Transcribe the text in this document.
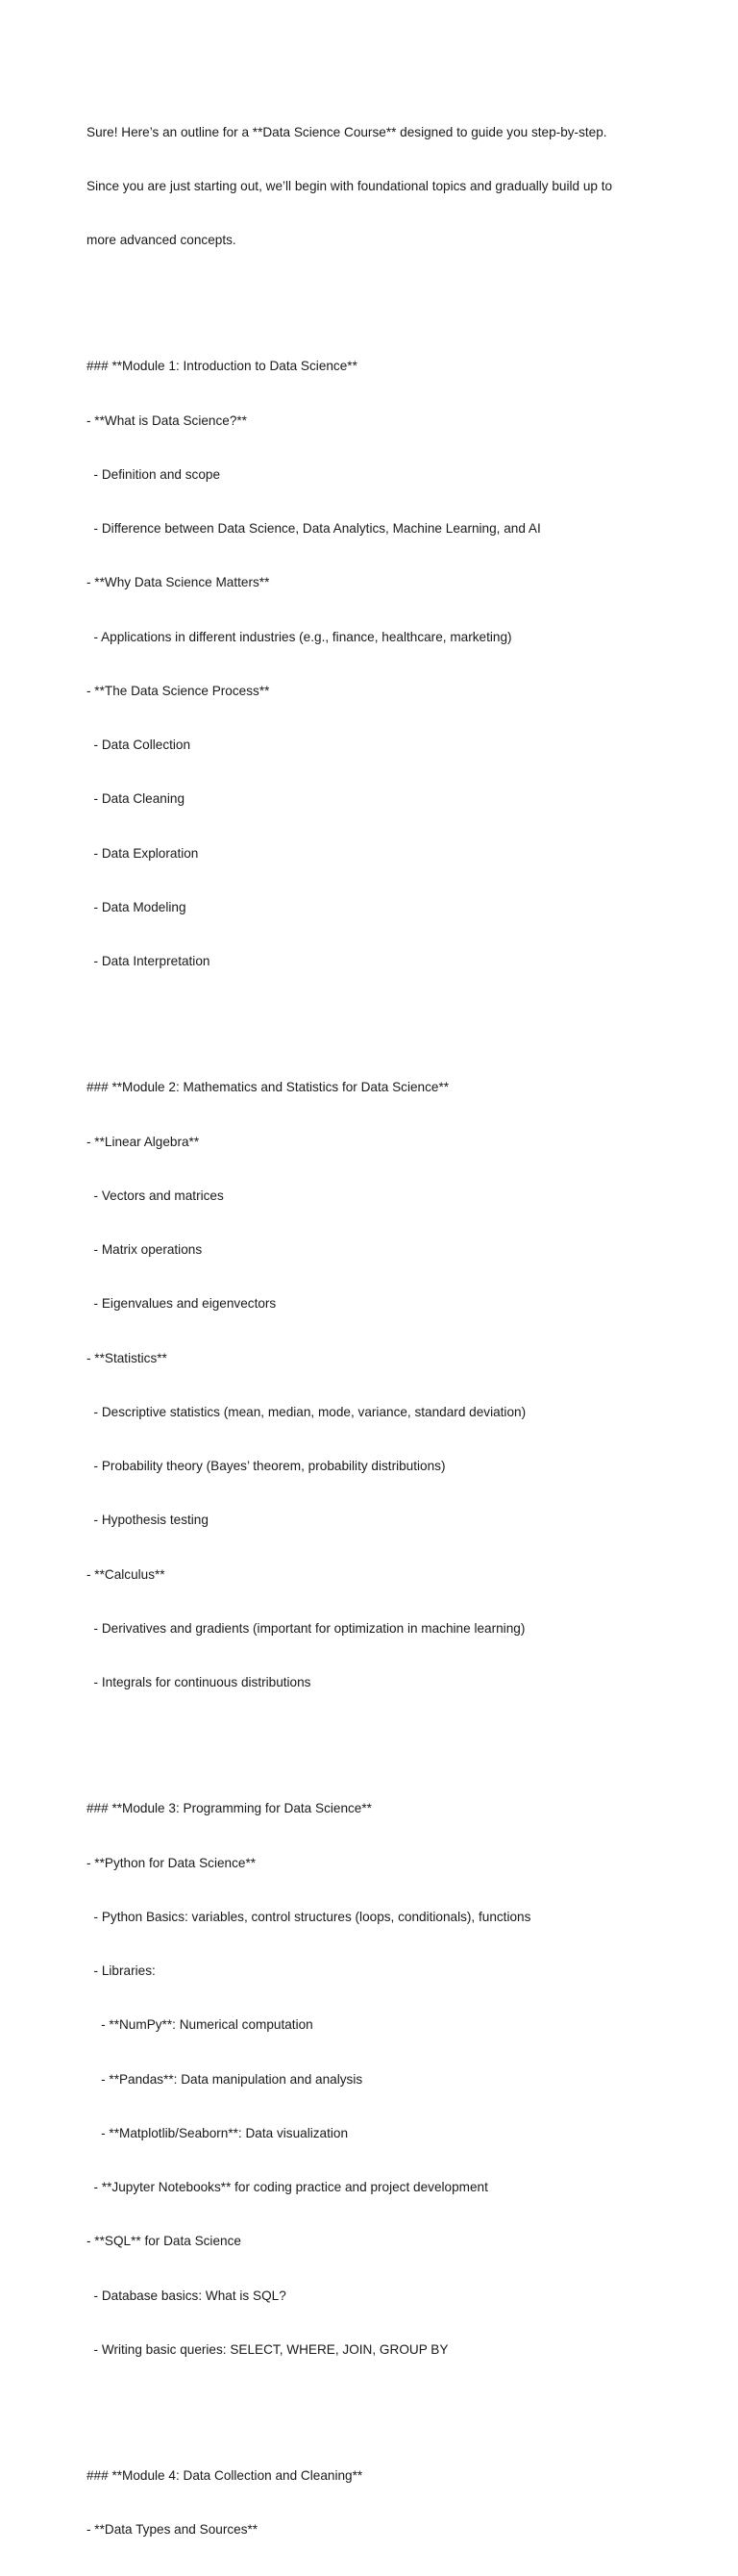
Sure! Here’s an outline for a **Data Science Course** designed to guide you step-by-step.

Since you are just starting out, we’ll begin with foundational topics and gradually build up to

more advanced concepts.

### **Module 1: Introduction to Data Science**

- **What is Data Science?**

- Definition and scope

- Difference between Data Science, Data Analytics, Machine Learning, and AI

- **Why Data Science Matters**

- Applications in different industries (e.g., finance, healthcare, marketing)

- **The Data Science Process**

- Data Collection

- Data Cleaning

- Data Exploration

- Data Modeling

- Data Interpretation

### **Module 2: Mathematics and Statistics for Data Science**

- **Linear Algebra**

- Vectors and matrices

- Matrix operations

- Eigenvalues and eigenvectors

- **Statistics**

- Descriptive statistics (mean, median, mode, variance, standard deviation)

- Probability theory (Bayes’ theorem, probability distributions)

- Hypothesis testing

- **Calculus**

- Derivatives and gradients (important for optimization in machine learning)

- Integrals for continuous distributions

### **Module 3: Programming for Data Science**

- **Python for Data Science**

- Python Basics: variables, control structures (loops, conditionals), functions

- Libraries:

- **NumPy**: Numerical computation

- **Pandas**: Data manipulation and analysis

- **Matplotlib/Seaborn**: Data visualization

- **Jupyter Notebooks** for coding practice and project development

- **SQL** for Data Science

- Database basics: What is SQL?

- Writing basic queries: SELECT, WHERE, JOIN, GROUP BY

### **Module 4: Data Collection and Cleaning**

- **Data Types and Sources**
